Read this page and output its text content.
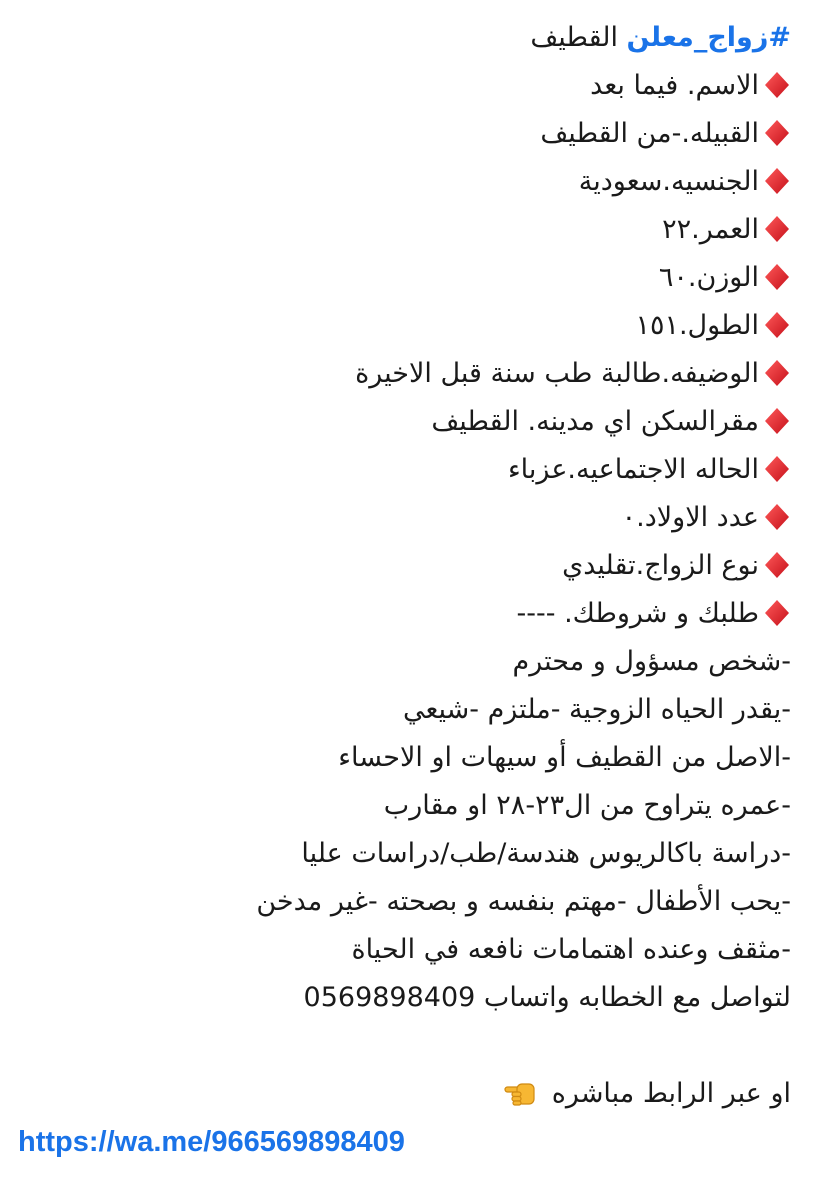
#زواج_معلن القطيف
الاسم. فيما بعد
القبيله.-من القطيف
الجنسيه.سعودية
العمر.٢٢
الوزن.٦٠
الطول.١٥١
الوضيفه.طالبة طب سنة قبل الاخيرة
مقرالسكن اي مدينه. القطيف
الحاله الاجتماعيه.عزباء
عدد الاولاد.٠
نوع الزواج.تقليدي
طلبك و شروطك. ----
-شخص مسؤول و محترم
-يقدر الحياه الزوجية -ملتزم -شيعي
-الاصل من القطيف أو سيهات او الاحساء
-عمره يتراوح من ال٢٣-٢٨ او مقارب
-دراسة باكالريوس هندسة/طب/دراسات عليا
-يحب الأطفال -مهتم بنفسه و بصحته -غير مدخن
-مثقف وعنده اهتمامات نافعه في الحياة
لتواصل مع الخطابه واتساب 0569898409
او عبر الرابط مباشره
https://wa.me/966569898409
